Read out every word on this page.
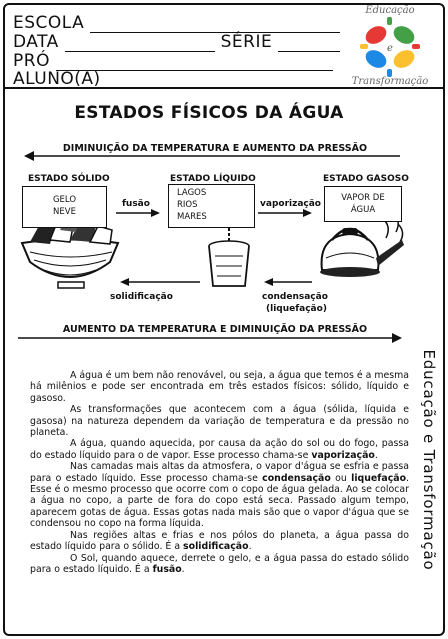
ESCOLA
DATA	SÉRIE
PRÓ
ALUNO(A)
Educação
e
Transformação
ESTADOS FÍSICOS DA ÁGUA
DIMINUIÇÃO DA TEMPERATURA E AUMENTO DA PRESSÃO
AUMENTO DA TEMPERATURA E DIMINUIÇÃO DA PRESSÃO
ESTADO SÓLIDO	ESTADO LÍQUIDO	ESTADO GASOSO
GELO
NEVE
LAGOS
RIOS
MARES
VAPOR DE
ÁGUA
fusão	vaporização
solidificação	condensação
(liquefação)
Educação e Transformação

A água é um bem não renovável, ou seja, a água que temos é a mesma há milênios e pode ser encontrada em três estados físicos: sólido, líquido e gasoso.

As transformações que acontecem com a água (sólida, líquida e gasosa) na natureza dependem da variação de temperatura e da pressão no planeta.

A água, quando aquecida, por causa da ação do sol ou do fogo, passa do estado líquido para o de vapor. Esse processo chama-se vaporização.

Nas camadas mais altas da atmosfera, o vapor d'água se esfria e passa para o estado líquido. Esse processo chama-se condensação ou liquefação. Esse é o mesmo processo que ocorre com o copo de água gelada. Ao se colocar a água no copo, a parte de fora do copo está seca. Passado algum tempo, aparecem gotas de água. Essas gotas nada mais são que o vapor d'água que se condensou no copo na forma líquida.

Nas regiões altas e frias e nos pólos do planeta, a água passa do estado líquido para o sólido. É a solidificação.

O Sol, quando aquece, derrete o gelo, e a água passa do estado sólido para o estado líquido. É a fusão.
